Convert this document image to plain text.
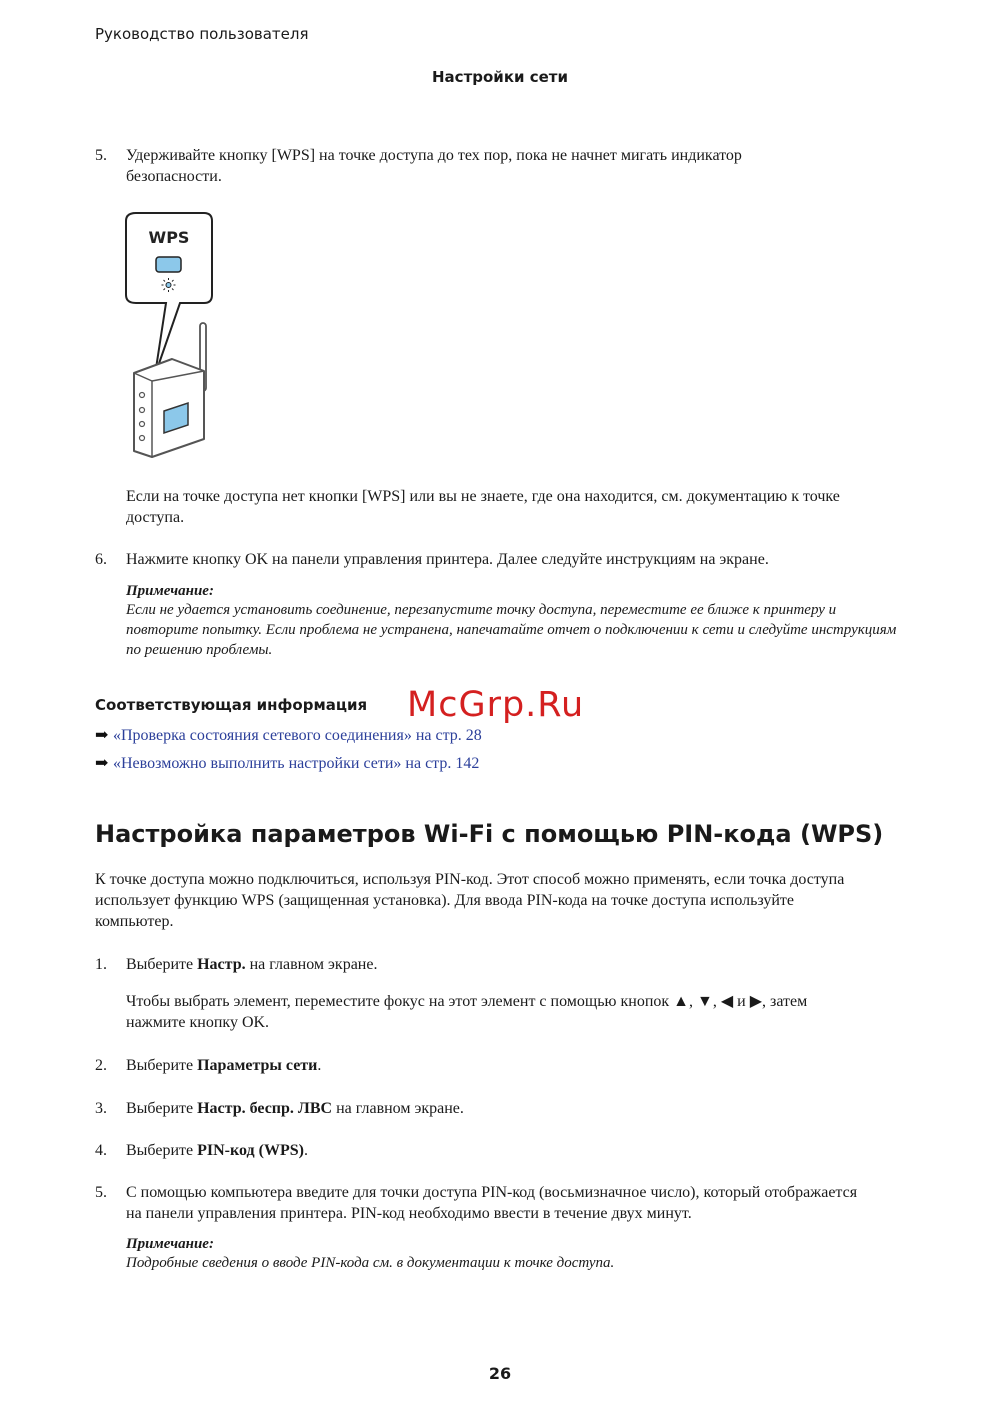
Руководство пользователя
Настройки сети
5. Удерживайте кнопку [WPS] на точке доступа до тех пор, пока не начнет мигать индикатор безопасности.
WPS
Если на точке доступа нет кнопки [WPS] или вы не знаете, где она находится, см. документацию к точке доступа.
6. Нажмите кнопку OK на панели управления принтера. Далее следуйте инструкциям на экране.
Примечание:
Если не удается установить соединение, перезапустите точку доступа, переместите ее ближе к принтеру и повторите попытку. Если проблема не устранена, напечатайте отчет о подключении к сети и следуйте инструкциям по решению проблемы.
Соответствующая информация
➡ «Проверка состояния сетевого соединения» на стр. 28
➡ «Невозможно выполнить настройки сети» на стр. 142
McGrp.Ru
Настройка параметров Wi-Fi с помощью PIN-кода (WPS)
К точке доступа можно подключиться, используя PIN-код. Этот способ можно применять, если точка доступа использует функцию WPS (защищенная установка). Для ввода PIN-кода на точке доступа используйте компьютер.
1. Выберите Настр. на главном экране.
Чтобы выбрать элемент, переместите фокус на этот элемент с помощью кнопок ▲, ▼, ◀ и ▶, затем
нажмите кнопку OK.
2. Выберите Параметры сети.
3. Выберите Настр. беспр. ЛВС на главном экране.
4. Выберите PIN-код (WPS).
5. С помощью компьютера введите для точки доступа PIN-код (восьмизначное число), который отображается на панели управления принтера. PIN-код необходимо ввести в течение двух минут.
Примечание:
Подробные сведения о вводе PIN-кода см. в документации к точке доступа.
26
